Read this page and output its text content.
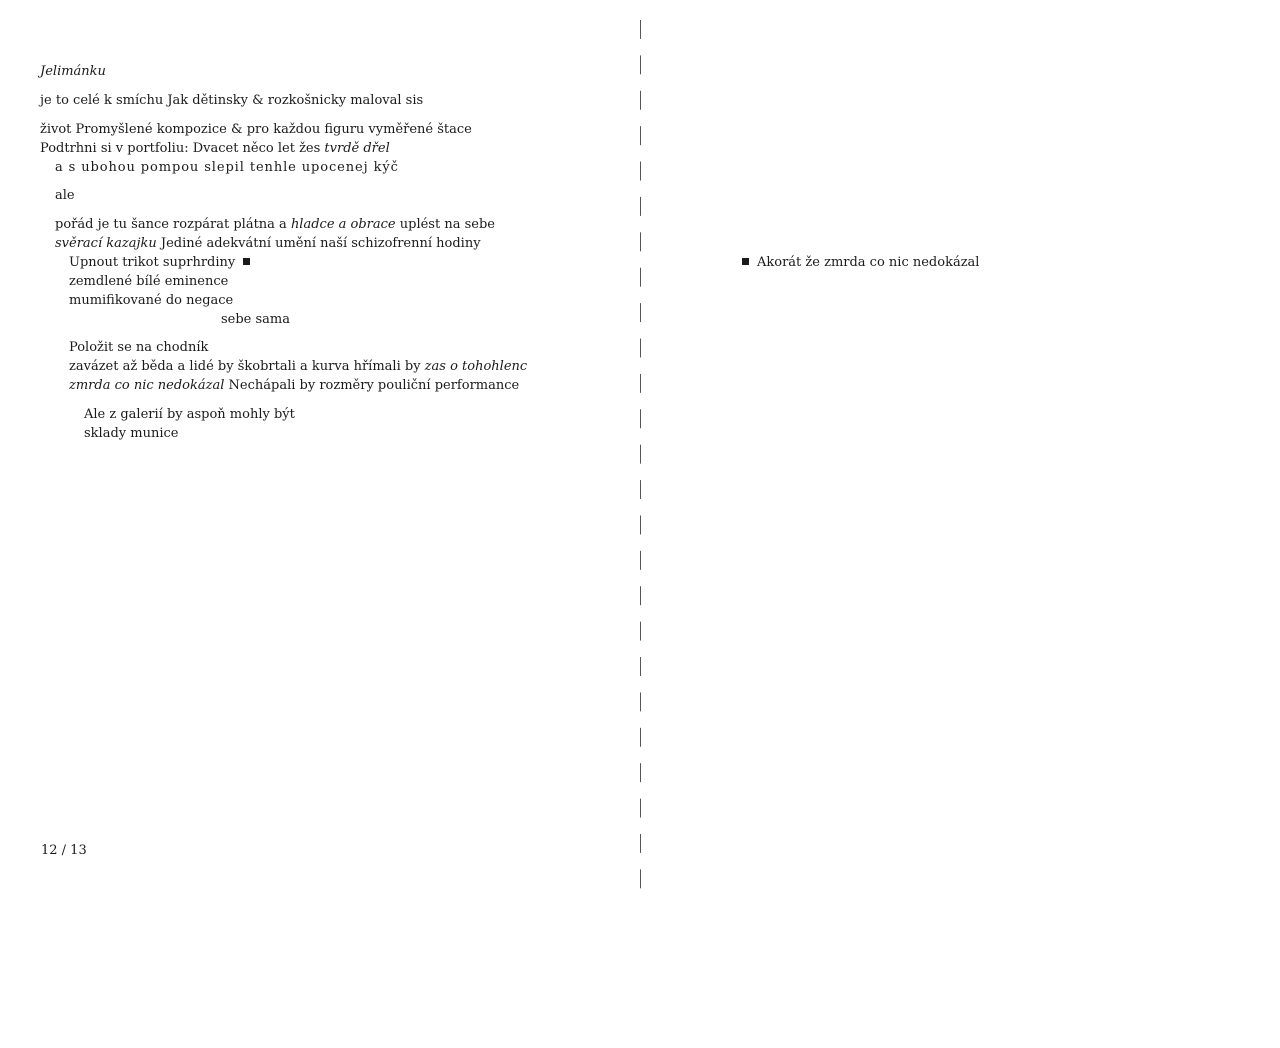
Jelimánku
je to celé k smíchu Jak dětinsky & rozkošnicky maloval sis
život Promyšlené kompozice & pro každou figuru vyměřené štace
Podtrhni si v portfoliu: Dvacet něco let žes tvrdě dřel
a s ubohou pompou slepil tenhle upocenej kýč
ale
pořád je tu šance rozpárat plátna a hladce a obrace uplést na sebe
svěrací kazajku Jediné adekvátní umění naší schizofrenní hodiny
Upnout trikot suprhrdiny
zemdlené bílé eminence
mumifikované do negace
sebe sama
Položit se na chodník
zavázet až běda a lidé by škobrtali a kurva hřímali by zas o tohohlenc
zmrda co nic nedokázal Nechápali by rozměry pouliční performance
Ale z galerií by aspoň mohly být
sklady munice
12 / 13
Akorát že zmrda co nic nedokázal
